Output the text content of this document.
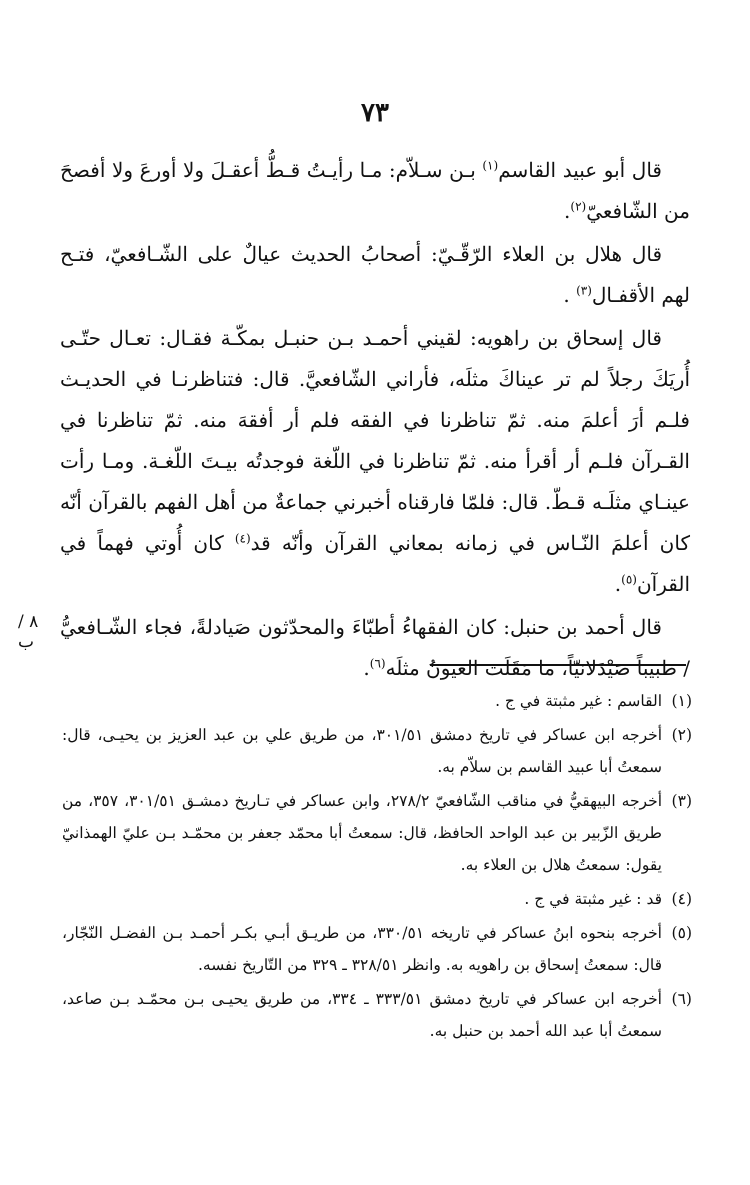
٧٣

قال أبو عبيد القاسم$^{(١)}$ بـن سـلاّم: مـا رأيـتُ قـطُّ أعقـلَ ولا أورعَ ولا أفصحَ من الشّافعيّ$^{(٢)}$.

قال هلال بن العلاء الرّقّـيّ: أصحابُ الحديث عيالٌ على الشّـافعيّ، فتـح لهم الأقفـال$^{(٣)}$ .

قال إسحاق بن راهويه: لقيني أحمـد بـن حنبـل بمكّـة فقـال: تعـال حتّـى أُريَكَ رجلاً لم تر عيناكَ مثلَه، فأراني الشّافعيَّ. قال: فتناظرنـا في الحديـث فلـم أرَ أعلمَ منه. ثمّ تناظرنا في الفقه فلم أر أفقهَ منه. ثمّ تناظرنا في القـرآن فلـم أر أقرأ منه. ثمّ تناظرنا في اللّغة فوجدتُه بيـتَ اللّغـة. ومـا رأت عينـاي مثلَـه قـطّ. قال: فلمّا فارقناه أخبرني جماعةٌ من أهل الفهم بالقرآن أنّه كان أعلمَ النّـاس في زمانه بمعاني القرآن وأنّه قد$^{(٤)}$ كان أُوتي فهماً في القرآن$^{(٥)}$.

قال أحمد بن حنبل: كان الفقهاءُ أطبّاءَ والمحدّثون صَيادلةً، فجاء الشّـافعيُّ / طبيباً صَيْدَلانيّاً، ما مَقَلَت العيونُ مثلَه$^{(٦)}$.

٨ / ب
(١)القاسم : غير مثبتة في ج .
(٢)أخرجه ابن عساكر في تاريخ دمشق ٣٠١/٥١، من طريق علي بن عبد العزيز بن يحيـى، قال: سمعتُ أبا عبيد القاسم بن سلاّم به.
(٣)أخرجه البيهقيُّ في مناقب الشّافعيّ ٢٧٨/٢، وابن عساكر في تـاريخ دمشـق ٣٠١/٥١، ٣٥٧، من طريق الزّبير بن عبد الواحد الحافظ، قال: سمعتُ أبا محمّد جعفر بن محمّـد بـن عليّ الهمذانيّ يقول: سمعتُ هلال بن العلاء به.
(٤)قد : غير مثبتة في ج .
(٥)أخرجه بنحوه ابنُ عساكر في تاريخه ٣٣٠/٥١، من طريـق أبـي بكـر أحمـد بـن الفضـل النّجّار، قال: سمعتُ إسحاق بن راهويه به. وانظر ٣٢٨/٥١ ـ ٣٢٩ من التّاريخ نفسه.
(٦)أخرجه ابن عساكر في تاريخ دمشق ٣٣٣/٥١ ـ ٣٣٤، من طريق يحيـى بـن محمّـد بـن صاعد، سمعتُ أبا عبد الله أحمد بن حنبل به.
